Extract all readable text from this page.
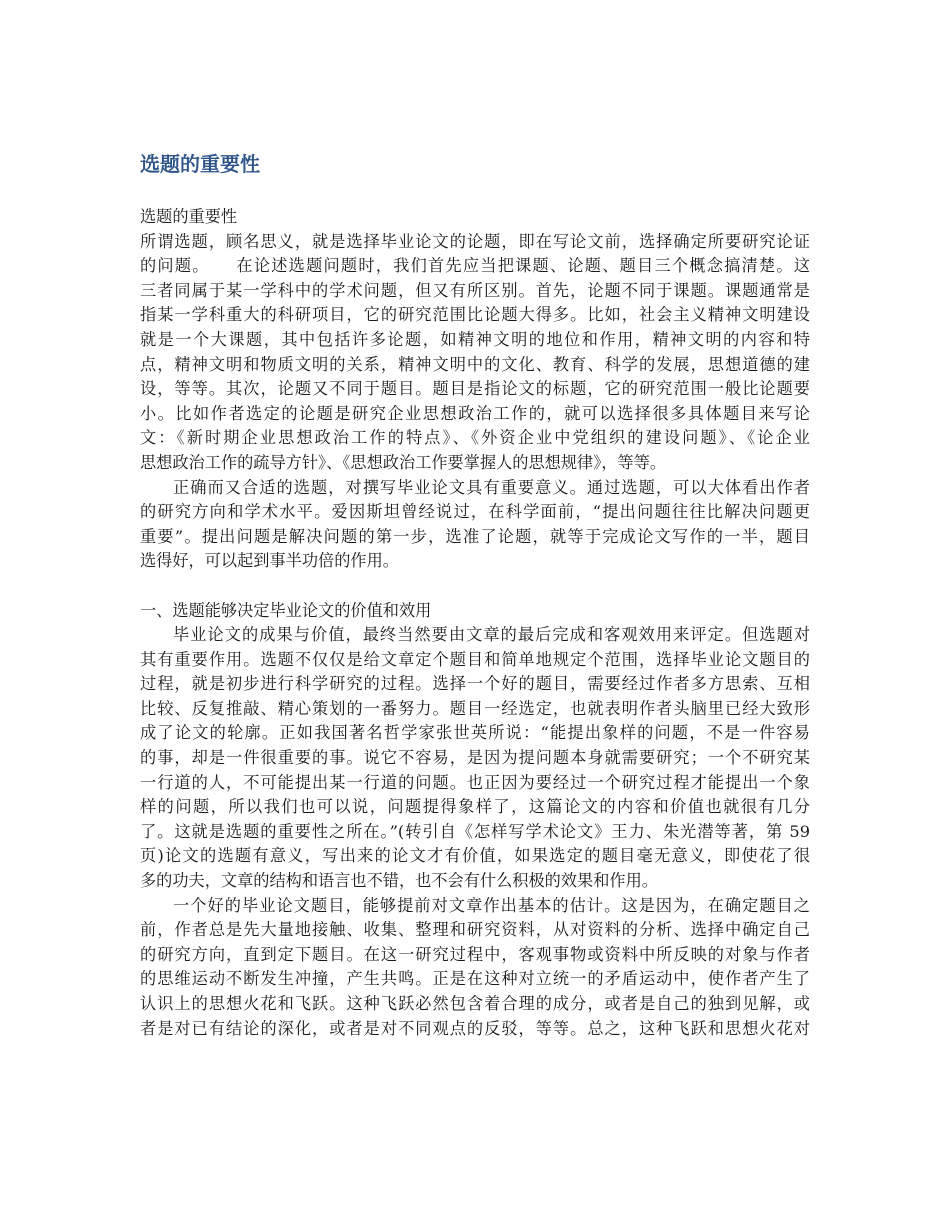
选题的重要性
选题的重要性
所谓选题，顾名思义，就是选择毕业论文的论题，即在写论文前，选择确定所要研究论证
的问题。　　在论述选题问题时，我们首先应当把课题、论题、题目三个概念搞清楚。这
三者同属于某一学科中的学术问题，但又有所区别。首先，论题不同于课题。课题通常是
指某一学科重大的科研项目，它的研究范围比论题大得多。比如，社会主义精神文明建设
就是一个大课题，其中包括许多论题，如精神文明的地位和作用，精神文明的内容和特
点，精神文明和物质文明的关系，精神文明中的文化、教育、科学的发展，思想道德的建
设，等等。其次，论题又不同于题目。题目是指论文的标题，它的研究范围一般比论题要
小。比如作者选定的论题是研究企业思想政治工作的，就可以选择很多具体题目来写论
文：《新时期企业思想政治工作的特点》、《外资企业中党组织的建设问题》、《论企业
思想政治工作的疏导方针》、《思想政治工作要掌握人的思想规律》，等等。
正确而又合适的选题，对撰写毕业论文具有重要意义。通过选题，可以大体看出作者
的研究方向和学术水平。爱因斯坦曾经说过，在科学面前，“提出问题往往比解决问题更
重要”。提出问题是解决问题的第一步，选准了论题，就等于完成论文写作的一半，题目
选得好，可以起到事半功倍的作用。
一、选题能够决定毕业论文的价值和效用
毕业论文的成果与价值，最终当然要由文章的最后完成和客观效用来评定。但选题对
其有重要作用。选题不仅仅是给文章定个题目和简单地规定个范围，选择毕业论文题目的
过程，就是初步进行科学研究的过程。选择一个好的题目，需要经过作者多方思索、互相
比较、反复推敲、精心策划的一番努力。题目一经选定，也就表明作者头脑里已经大致形
成了论文的轮廓。正如我国著名哲学家张世英所说：“能提出象样的问题，不是一件容易
的事，却是一件很重要的事。说它不容易，是因为提问题本身就需要研究；一个不研究某
一行道的人，不可能提出某一行道的问题。也正因为要经过一个研究过程才能提出一个象
样的问题，所以我们也可以说，问题提得象样了，这篇论文的内容和价值也就很有几分
了。这就是选题的重要性之所在。”(转引自《怎样写学术论文》王力、朱光潜等著，第 59
页)论文的选题有意义，写出来的论文才有价值，如果选定的题目毫无意义，即使花了很
多的功夫，文章的结构和语言也不错，也不会有什么积极的效果和作用。
一个好的毕业论文题目，能够提前对文章作出基本的估计。这是因为，在确定题目之
前，作者总是先大量地接触、收集、整理和研究资料，从对资料的分析、选择中确定自己
的研究方向，直到定下题目。在这一研究过程中，客观事物或资料中所反映的对象与作者
的思维运动不断发生冲撞，产生共鸣。正是在这种对立统一的矛盾运动中，使作者产生了
认识上的思想火花和飞跃。这种飞跃必然包含着合理的成分，或者是自己的独到见解，或
者是对已有结论的深化，或者是对不同观点的反驳，等等。总之，这种飞跃和思想火花对
